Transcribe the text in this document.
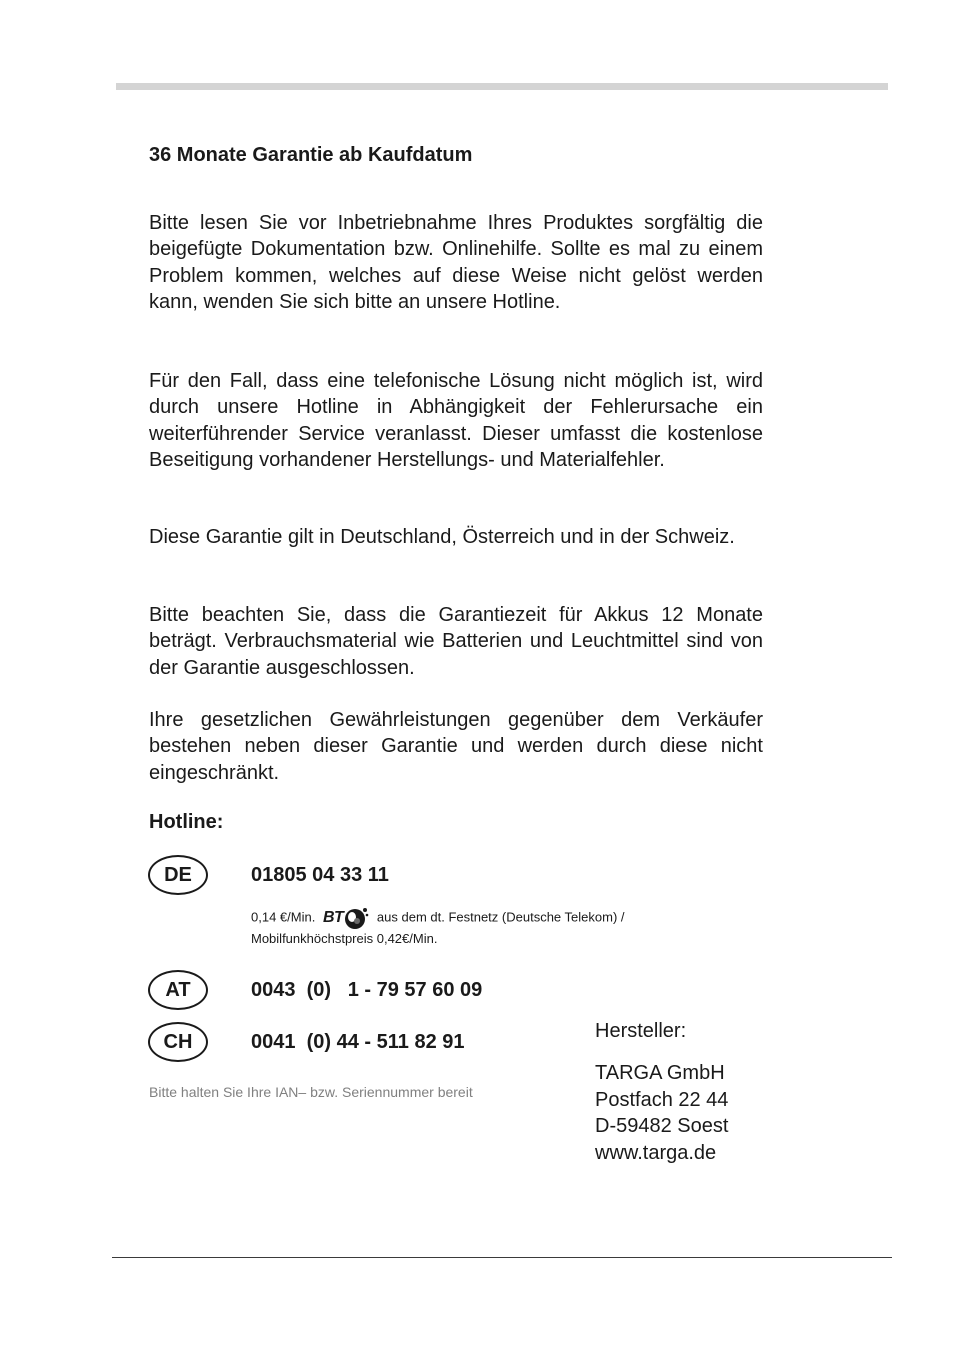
36 Monate Garantie ab Kaufdatum

Bitte lesen Sie vor Inbetriebnahme Ihres Produktes sorgfältig die beigefügte Dokumentation bzw. Onlinehilfe. Sollte es mal zu einem Problem kommen, welches auf diese Weise nicht gelöst werden kann, wenden Sie sich bitte an unsere Hotline.

Für den Fall, dass eine telefonische Lösung nicht möglich ist, wird durch unsere Hotline in Abhängigkeit der Fehlerursache ein weiterführender Service veranlasst. Dieser umfasst die kostenlose Beseitigung vorhandener Herstellungs- und Materialfehler.

Diese Garantie gilt in Deutschland, Österreich und in der Schweiz.

Bitte beachten Sie, dass die Garantiezeit für Akkus 12 Monate beträgt. Verbrauchsmaterial wie Batterien und Leuchtmittel sind von der Garantie ausgeschlossen.

Ihre gesetzlichen Gewährleistungen gegenüber dem Verkäufer bestehen neben dieser Garantie und werden durch diese nicht eingeschränkt.

Hotline:
DE	01805 04 33 11
0,14 €/Min. BT	aus dem dt. Festnetz (Deutsche Telekom) /
Mobilfunkhöchstpreis 0,42€/Min.
AT	0043  (0)   1 - 79 57 60 09
CH	0041  (0) 44 - 511 82 91
Bitte halten Sie Ihre IAN– bzw. Seriennummer bereit
Hersteller:
TARGA GmbH
Postfach 22 44
D-59482 Soest
www.targa.de
